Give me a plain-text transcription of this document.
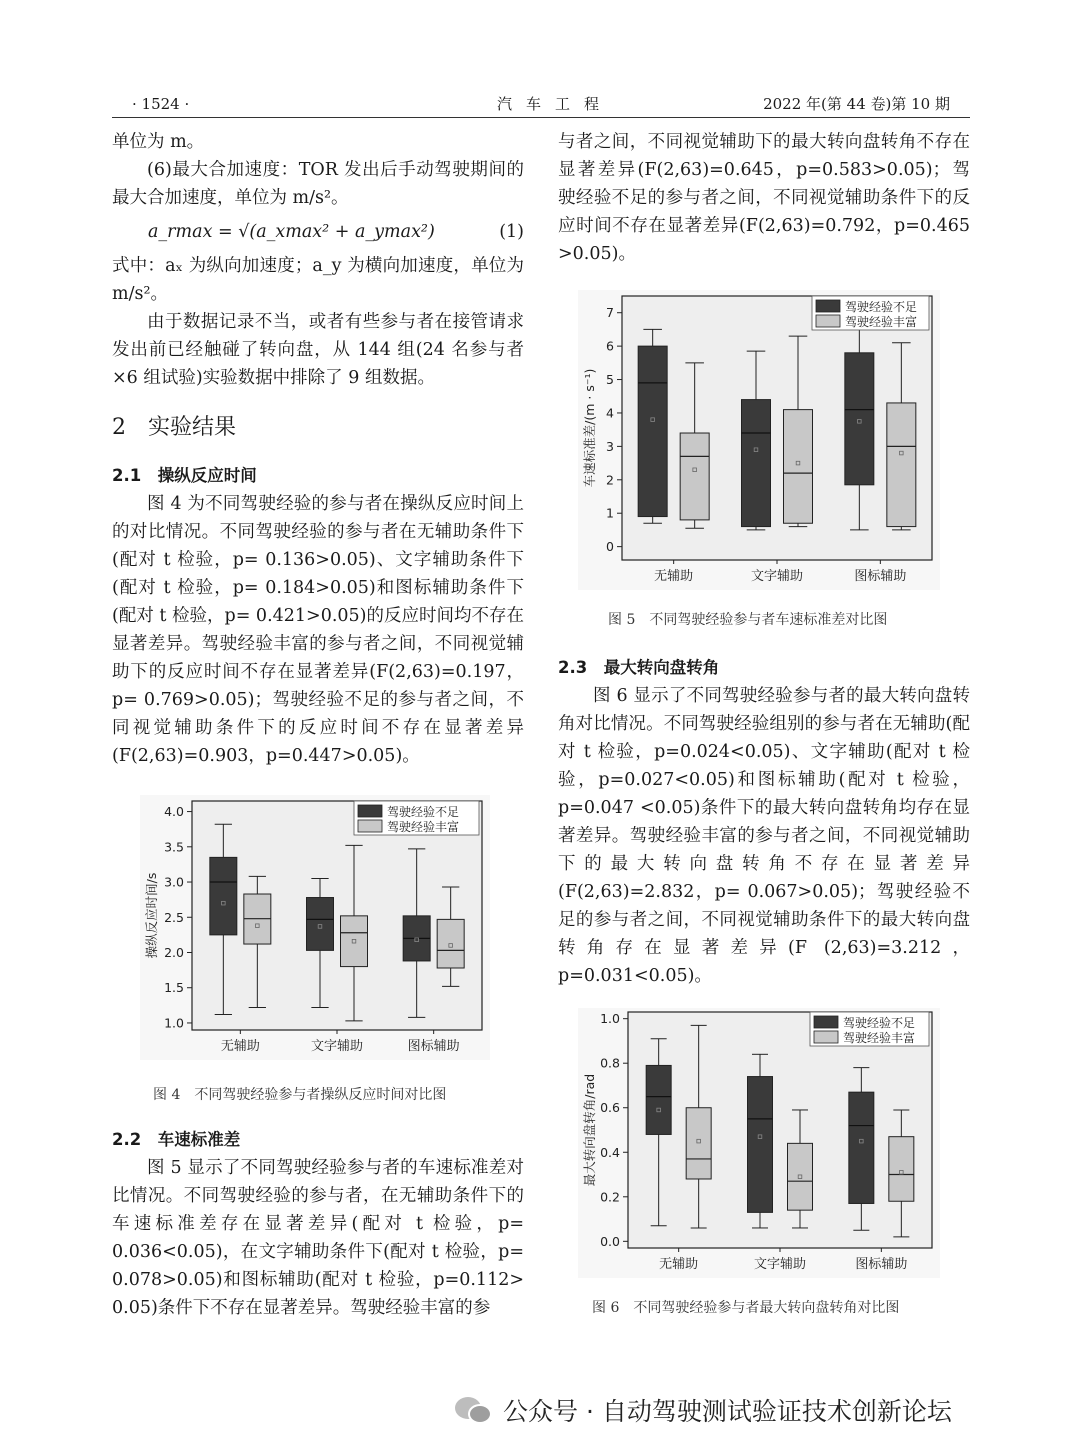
· 1524 ·	汽车工程	2022 年(第 44 卷)第 10 期

单位为 m。

(6)最大合加速度：TOR 发出后手动驾驶期间的最大合加速度，单位为 m/s²。

a_rmax = √(a_xmax² + a_ymax²)	(1)

式中：aₓ 为纵向加速度；a_y 为横向加速度，单位为 m/s²。

由于数据记录不当，或者有些参与者在接管请求发出前已经触碰了转向盘，从 144 组(24 名参与者×6 组试验)实验数据中排除了 9 组数据。

2　实验结果
2.1　操纵反应时间

图 4 为不同驾驶经验的参与者在操纵反应时间上的对比情况。不同驾驶经验的参与者在无辅助条件下(配对 t 检验，p= 0.136>0.05)、文字辅助条件下(配对 t 检验，p= 0.184>0.05)和图标辅助条件下(配对 t 检验，p= 0.421>0.05)的反应时间均不存在显著差异。驾驶经验丰富的参与者之间，不同视觉辅助下的反应时间不存在显著差异(F(2,63)=0.197，p= 0.769>0.05)；驾驶经验不足的参与者之间，不同视觉辅助条件下的反应时间不存在显著差异(F(2,63)=0.903，p=0.447>0.05)。

1.0
1.5
2.0
2.5
3.0
3.5
4.0
操纵反应时间/s
无辅助	文字辅助	图标辅助
驾驶经验不足
驾驶经验丰富
图 4　不同驾驶经验参与者操纵反应时间对比图
2.2　车速标准差

图 5 显示了不同驾驶经验参与者的车速标准差对比情况。不同驾驶经验的参与者，在无辅助条件下的车速标准差存在显著差异(配对 t 检验，p= 0.036<0.05)，在文字辅助条件下(配对 t 检验，p= 0.078>0.05)和图标辅助(配对 t 检验，p=0.112> 0.05)条件下不存在显著差异。驾驶经验丰富的参

与者之间，不同视觉辅助下的最大转向盘转角不存在显著差异(F(2,63)=0.645，p=0.583>0.05)；驾驶经验不足的参与者之间，不同视觉辅助条件下的反应时间不存在显著差异(F(2,63)=0.792，p=0.465 >0.05)。

0
1
2
3
4
5
6
7
车速标准差/(m · s⁻¹)
无辅助	文字辅助	图标辅助
驾驶经验不足
驾驶经验丰富
图 5　不同驾驶经验参与者车速标准差对比图
2.3　最大转向盘转角

图 6 显示了不同驾驶经验参与者的最大转向盘转角对比情况。不同驾驶经验组别的参与者在无辅助(配对 t 检验，p=0.024<0.05)、文字辅助(配对 t 检验，p=0.027<0.05)和图标辅助(配对 t 检验，p=0.047 <0.05)条件下的最大转向盘转角均存在显著差异。驾驶经验丰富的参与者之间，不同视觉辅助下的最大转向盘转角不存在显著差异(F(2,63)=2.832，p= 0.067>0.05)；驾驶经验不足的参与者之间，不同视觉辅助条件下的最大转向盘转角存在显著差异(F (2,63)=3.212，p=0.031<0.05)。

0.0
0.2
0.4
0.6
0.8
1.0
最大转向盘转角/rad
无辅助	文字辅助	图标辅助
驾驶经验不足
驾驶经验丰富
图 6　不同驾驶经验参与者最大转向盘转角对比图
公众号 · 自动驾驶测试验证技术创新论坛
